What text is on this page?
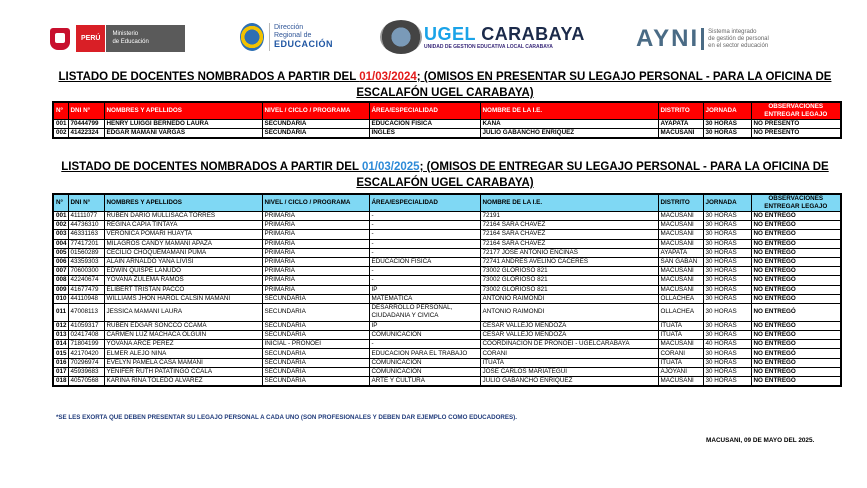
PERÚ
Ministerio
de Educación
Dirección
Regional de
EDUCACIÓN	UGEL CARABAYA
UNIDAD DE GESTION EDUCATIVA LOCAL CARABAYA	AYNI Sistema integrado
de gestión de personal
en el sector educación
LISTADO DE DOCENTES NOMBRADOS A PARTIR DEL 01/03/2024; (OMISOS EN PRESENTAR SU LEGAJO PERSONAL - PARA LA OFICINA DE
ESCALAFÓN UGEL CARABAYA)
N°	DNI N°	NOMBRES Y APELLIDOS	NIVEL / CICLO / PROGRAMA	ÁREA/ESPECIALIDAD	NOMBRE DE LA I.E.	DISTRITO	JORNADA	OBSERVACIONES ENTREGAR LEGAJO
001	70444799	HENRY LUIGGI BERNEDO LAURA	SECUNDARIA	EDUCACION FISICA	KANA	AYAPATA	30 HORAS	NO PRESENTÓ
002	41422324	EDGAR MAMANI VARGAS	SECUNDARIA	INGLES	JULIO GABANCHO ENRIQUEZ	MACUSANI	30 HORAS	NO PRESENTÓ
LISTADO DE DOCENTES NOMBRADOS A PARTIR DEL 01/03/2025; (OMISOS DE ENTREGAR SU LEGAJO PERSONAL - PARA LA OFICINA DE
ESCALAFÓN UGEL CARABAYA)
N°	DNI N°	NOMBRES Y APELLIDOS	NIVEL / CICLO / PROGRAMA	ÁREA/ESPECIALIDAD	NOMBRE DE LA I.E.	DISTRITO	JORNADA	OBSERVACIONES ENTREGAR LEGAJO
001	41111077	RUBEN DARIO MULLISACA TORRES	PRIMARIA	-	72191	MACUSANI	30 HORAS	NO ENTREGÓ
002	44736310	REGINA CAPIA TINTAYA	PRIMARIA	-	72164 SARA CHAVEZ	MACUSANI	30 HORAS	NO ENTREGÓ
003	46331163	VERONICA POMARI HUAYTA	PRIMARIA	-	72164 SARA CHAVEZ	MACUSANI	30 HORAS	NO ENTREGÓ
004	77417201	MILAGROS CANDY MAMANI APAZA	PRIMARIA	-	72164 SARA CHAVEZ	MACUSANI	30 HORAS	NO ENTREGÓ
005	01560289	CECILIO CHOQUEMAMANI PUMA	PRIMARIA	-	72177 JOSE ANTONIO ENCINAS	AYAPATA	30 HORAS	NO ENTREGÓ
006	43359303	ALAIN ARNALDO YANA LIVISI	PRIMARIA	EDUCACION FISICA	72741 ANDRES AVELINO CACERES	SAN GABAN	30 HORAS	NO ENTREGÓ
007	70600300	EDWÍN QUISPE LANUDO	PRIMARIA	-	73002 GLORIOSO 821	MACUSANI	30 HORAS	NO ENTREGÓ
008	42240674	YOVANA ZULEMA RAMOS	PRIMARIA	-	73002 GLORIOSO 821	MACUSANI	30 HORAS	NO ENTREGÓ
009	41677479	ELIBERT TRISTAN PACCO	PRIMARIA	IP	73002 GLORIOSO 821	MACUSANI	30 HORAS	NO ENTREGÓ
010	44110948	WILLIAMS JHON HAROL CALSIN MAMANI	SECUNDARIA	MATEMÁTICA	ANTONIO RAIMONDI	OLLACHEA	30 HORAS	NO ENTREGÓ
011	47008113	JESSICA MAMANI LAURA	SECUNDARIA	DESARROLLO PERSONAL, CIUDADANIA Y CIVICA	ANTONIO RAIMONDI	OLLACHEA	30 HORAS	NO ENTREGÓ
012	41059317	RUBEN EDGAR SONCCO CCAMA	SECUNDARIA	IP	CESAR VALLEJO MENDOZA	ITUATA	30 HORAS	NO ENTREGÓ
013	02417408	CARMEN LUZ MACHACA OLGUIN	SECUNDARIA	COMUNICACIÓN	CESAR VALLEJO MENDOZA	ITUATA	30 HORAS	NO ENTREGÓ
014	71804199	YOVANA ARCE PEREZ	INICIAL - PRONOEI	-	COORDINACION DE PRONOEI - UGELCARABAYA	MACUSANI	40 HORAS	NO ENTREGÓ
015	42170420	ELMER ALEJO NINA	SECUNDARIA	EDUCACION PARA EL TRABAJO	CORANI	CORANI	30 HORAS	NO ENTREGÓ
016	70296974	EVELYN PAMELA CASA MAMANI	SECUNDARIA	COMUNICACIÓN	ITUATA	ITUATA	30 HORAS	NO ENTREGÓ
017	45939683	YENIFER RUTH PATATINGO CCALA	SECUNDARIA	COMUNICACIÓN	JOSE CARLOS MARIATEGUI	AJOYANI	30 HORAS	NO ENTREGÓ
018	40570568	KARINA RINA TOLEDO ALVAREZ	SECUNDARIA	ARTE Y CULTURA	JULIO GABANCHO ENRIQUEZ	MACUSANI	30 HORAS	NO ENTREGÓ
*SE LES EXORTA QUE DEBEN PRESENTAR SU LEGAJO PERSONAL A CADA UNO (SON PROFESIONALES Y DEBEN DAR EJEMPLO COMO EDUCADORES).
MACUSANI, 09 DE MAYO DEL 2025.
